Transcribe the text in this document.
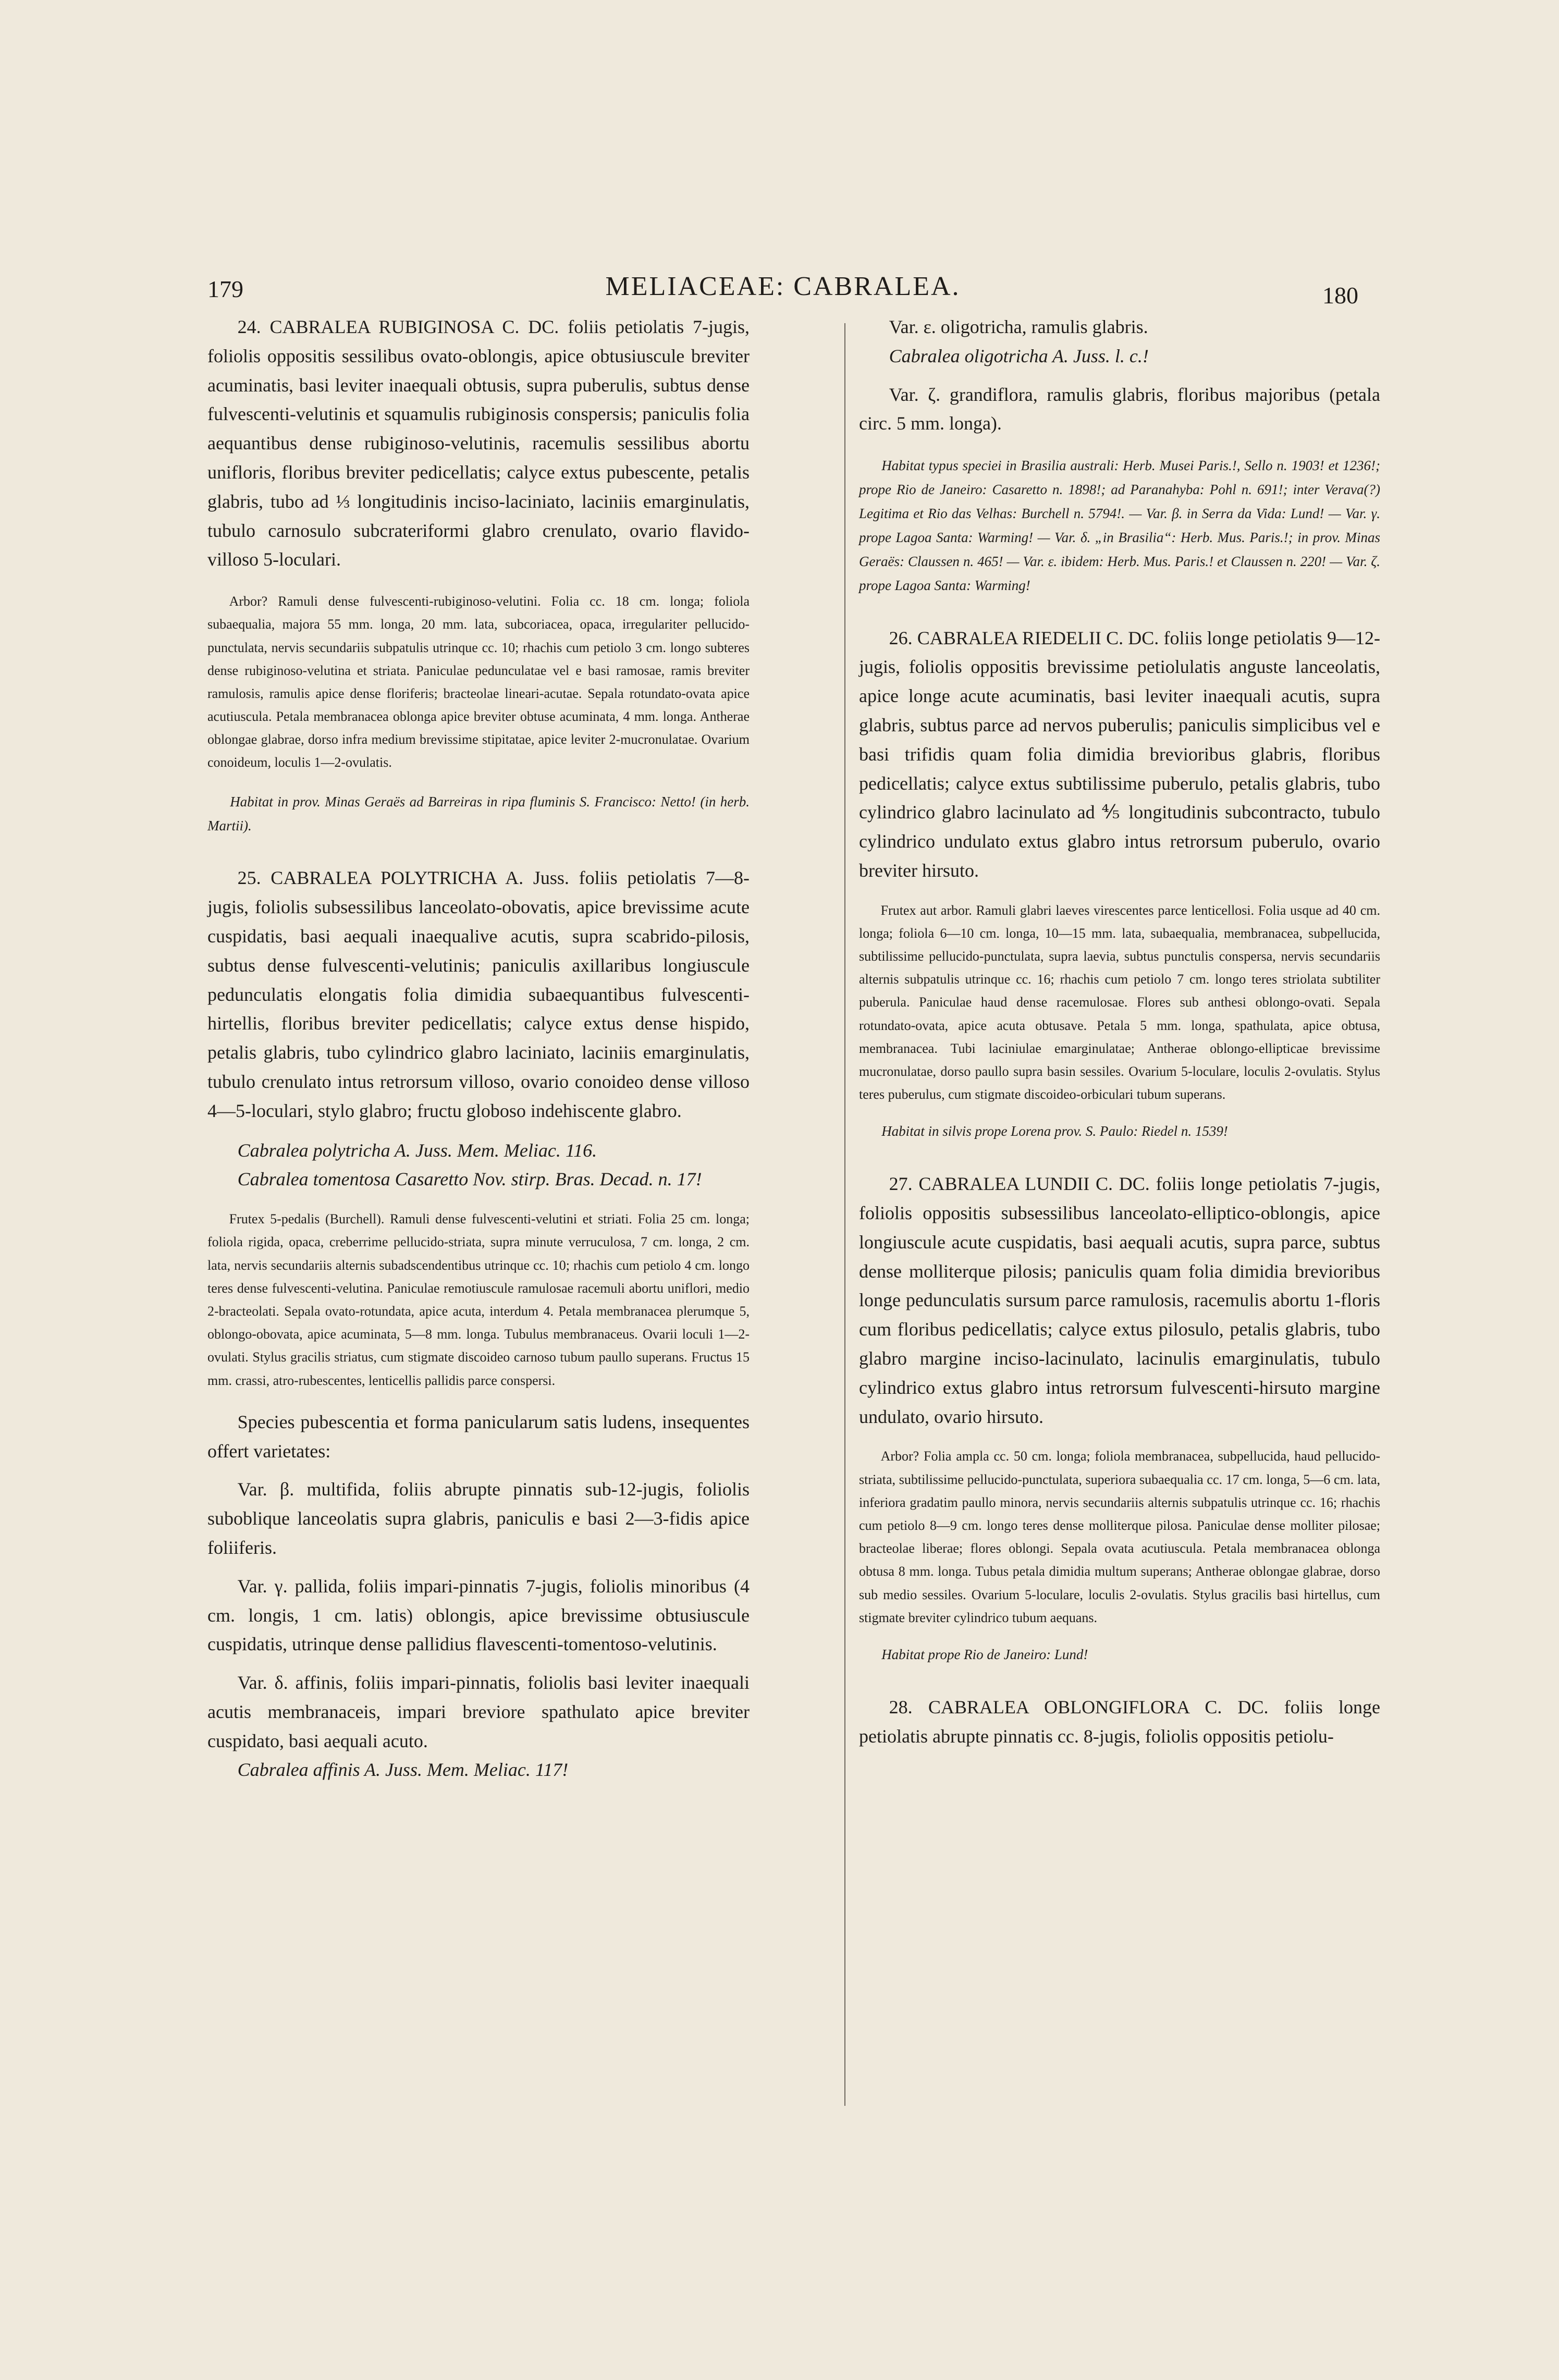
179	MELIACEAE: CABRALEA.	180

24. CABRALEA RUBIGINOSA C. DC. foliis petiolatis 7-jugis, foliolis oppositis sessilibus ovato-oblongis, apice obtusiuscule breviter acuminatis, basi leviter inaequali obtusis, supra puberulis, subtus dense fulvescenti-velutinis et squamulis rubiginosis conspersis; paniculis folia aequantibus dense rubiginoso-velutinis, racemulis sessilibus abortu unifloris, floribus breviter pedicellatis; calyce extus pubescente, petalis glabris, tubo ad ⅓ longitudinis inciso-laciniato, laciniis emarginulatis, tubulo carnosulo subcrateriformi glabro crenulato, ovario flavido-villoso 5-loculari.

Arbor? Ramuli dense fulvescenti-rubiginoso-velutini. Folia cc. 18 cm. longa; foliola subaequalia, majora 55 mm. longa, 20 mm. lata, subcoriacea, opaca, irregulariter pellucido-punctulata, nervis secundariis subpatulis utrinque cc. 10; rhachis cum petiolo 3 cm. longo subteres dense rubiginoso-velutina et striata. Paniculae pedunculatae vel e basi ramosae, ramis breviter ramulosis, ramulis apice dense floriferis; bracteolae lineari-acutae. Sepala rotundato-ovata apice acutiuscula. Petala membranacea oblonga apice breviter obtuse acuminata, 4 mm. longa. Antherae oblongae glabrae, dorso infra medium brevissime stipitatae, apice leviter 2-mucronulatae. Ovarium conoideum, loculis 1—2-ovulatis.

Habitat in prov. Minas Geraës ad Barreiras in ripa fluminis S. Francisco: Netto! (in herb. Martii).

25. CABRALEA POLYTRICHA A. Juss. foliis petiolatis 7—8-jugis, foliolis subsessilibus lanceolato-obovatis, apice brevissime acute cuspidatis, basi aequali inaequalive acutis, supra scabrido-pilosis, subtus dense fulvescenti-velutinis; paniculis axillaribus longiuscule pedunculatis elongatis folia dimidia subaequantibus fulvescenti-hirtellis, floribus breviter pedicellatis; calyce extus dense hispido, petalis glabris, tubo cylindrico glabro laciniato, laciniis emarginulatis, tubulo crenulato intus retrorsum villoso, ovario conoideo dense villoso 4—5-loculari, stylo glabro; fructu globoso indehiscente glabro.

Cabralea polytricha A. Juss. Mem. Meliac. 116.

Cabralea tomentosa Casaretto Nov. stirp. Bras. Decad. n. 17!

Frutex 5-pedalis (Burchell). Ramuli dense fulvescenti-velutini et striati. Folia 25 cm. longa; foliola rigida, opaca, creberrime pellucido-striata, supra minute verruculosa, 7 cm. longa, 2 cm. lata, nervis secundariis alternis subadscendentibus utrinque cc. 10; rhachis cum petiolo 4 cm. longo teres dense fulvescenti-velutina. Paniculae remotiuscule ramulosae racemuli abortu uniflori, medio 2-bracteolati. Sepala ovato-rotundata, apice acuta, interdum 4. Petala membranacea plerumque 5, oblongo-obovata, apice acuminata, 5—8 mm. longa. Tubulus membranaceus. Ovarii loculi 1—2-ovulati. Stylus gracilis striatus, cum stigmate discoideo carnoso tubum paullo superans. Fructus 15 mm. crassi, atro-rubescentes, lenticellis pallidis parce conspersi.

Species pubescentia et forma panicularum satis ludens, insequentes offert varietates:

Var. β. multifida, foliis abrupte pinnatis sub-12-jugis, foliolis suboblique lanceolatis supra glabris, paniculis e basi 2—3-fidis apice foliiferis.

Var. γ. pallida, foliis impari-pinnatis 7-jugis, foliolis minoribus (4 cm. longis, 1 cm. latis) oblongis, apice brevissime obtusiuscule cuspidatis, utrinque dense pallidius flavescenti-tomentoso-velutinis.

Var. δ. affinis, foliis impari-pinnatis, foliolis basi leviter inaequali acutis membranaceis, impari breviore spathulato apice breviter cuspidato, basi aequali acuto.

Cabralea affinis A. Juss. Mem. Meliac. 117!

Var. ε. oligotricha, ramulis glabris.

Cabralea oligotricha A. Juss. l. c.!

Var. ζ. grandiflora, ramulis glabris, floribus majoribus (petala circ. 5 mm. longa).

Habitat typus speciei in Brasilia australi: Herb. Musei Paris.!, Sello n. 1903! et 1236!; prope Rio de Janeiro: Casaretto n. 1898!; ad Paranahyba: Pohl n. 691!; inter Verava(?) Legitima et Rio das Velhas: Burchell n. 5794!. — Var. β. in Serra da Vida: Lund! — Var. γ. prope Lagoa Santa: Warming! — Var. δ. „in Brasilia“: Herb. Mus. Paris.!; in prov. Minas Geraës: Claussen n. 465! — Var. ε. ibidem: Herb. Mus. Paris.! et Claussen n. 220! — Var. ζ. prope Lagoa Santa: Warming!

26. CABRALEA RIEDELII C. DC. foliis longe petiolatis 9—12-jugis, foliolis oppositis brevissime petiolulatis anguste lanceolatis, apice longe acute acuminatis, basi leviter inaequali acutis, supra glabris, subtus parce ad nervos puberulis; paniculis simplicibus vel e basi trifidis quam folia dimidia brevioribus glabris, floribus pedicellatis; calyce extus subtilissime puberulo, petalis glabris, tubo cylindrico glabro lacinulato ad ⅘ longitudinis subcontracto, tubulo cylindrico undulato extus glabro intus retrorsum puberulo, ovario breviter hirsuto.

Frutex aut arbor. Ramuli glabri laeves virescentes parce lenticellosi. Folia usque ad 40 cm. longa; foliola 6—10 cm. longa, 10—15 mm. lata, subaequalia, membranacea, subpellucida, subtilissime pellucido-punctulata, supra laevia, subtus punctulis conspersa, nervis secundariis alternis subpatulis utrinque cc. 16; rhachis cum petiolo 7 cm. longo teres striolata subtiliter puberula. Paniculae haud dense racemulosae. Flores sub anthesi oblongo-ovati. Sepala rotundato-ovata, apice acuta obtusave. Petala 5 mm. longa, spathulata, apice obtusa, membranacea. Tubi laciniulae emarginulatae; Antherae oblongo-ellipticae brevissime mucronulatae, dorso paullo supra basin sessiles. Ovarium 5-loculare, loculis 2-ovulatis. Stylus teres puberulus, cum stigmate discoideo-orbiculari tubum superans.

Habitat in silvis prope Lorena prov. S. Paulo: Riedel n. 1539!

27. CABRALEA LUNDII C. DC. foliis longe petiolatis 7-jugis, foliolis oppositis subsessilibus lanceolato-elliptico-oblongis, apice longiuscule acute cuspidatis, basi aequali acutis, supra parce, subtus dense molliterque pilosis; paniculis quam folia dimidia brevioribus longe pedunculatis sursum parce ramulosis, racemulis abortu 1-floris cum floribus pedicellatis; calyce extus pilosulo, petalis glabris, tubo glabro margine inciso-lacinulato, lacinulis emarginulatis, tubulo cylindrico extus glabro intus retrorsum fulvescenti-hirsuto margine undulato, ovario hirsuto.

Arbor? Folia ampla cc. 50 cm. longa; foliola membranacea, subpellucida, haud pellucido-striata, subtilissime pellucido-punctulata, superiora subaequalia cc. 17 cm. longa, 5—6 cm. lata, inferiora gradatim paullo minora, nervis secundariis alternis subpatulis utrinque cc. 16; rhachis cum petiolo 8—9 cm. longo teres dense molliterque pilosa. Paniculae dense molliter pilosae; bracteolae liberae; flores oblongi. Sepala ovata acutiuscula. Petala membranacea oblonga obtusa 8 mm. longa. Tubus petala dimidia multum superans; Antherae oblongae glabrae, dorso sub medio sessiles. Ovarium 5-loculare, loculis 2-ovulatis. Stylus gracilis basi hirtellus, cum stigmate breviter cylindrico tubum aequans.

Habitat prope Rio de Janeiro: Lund!

28. CABRALEA OBLONGIFLORA C. DC. foliis longe petiolatis abrupte pinnatis cc. 8-jugis, foliolis oppositis petiolu-
